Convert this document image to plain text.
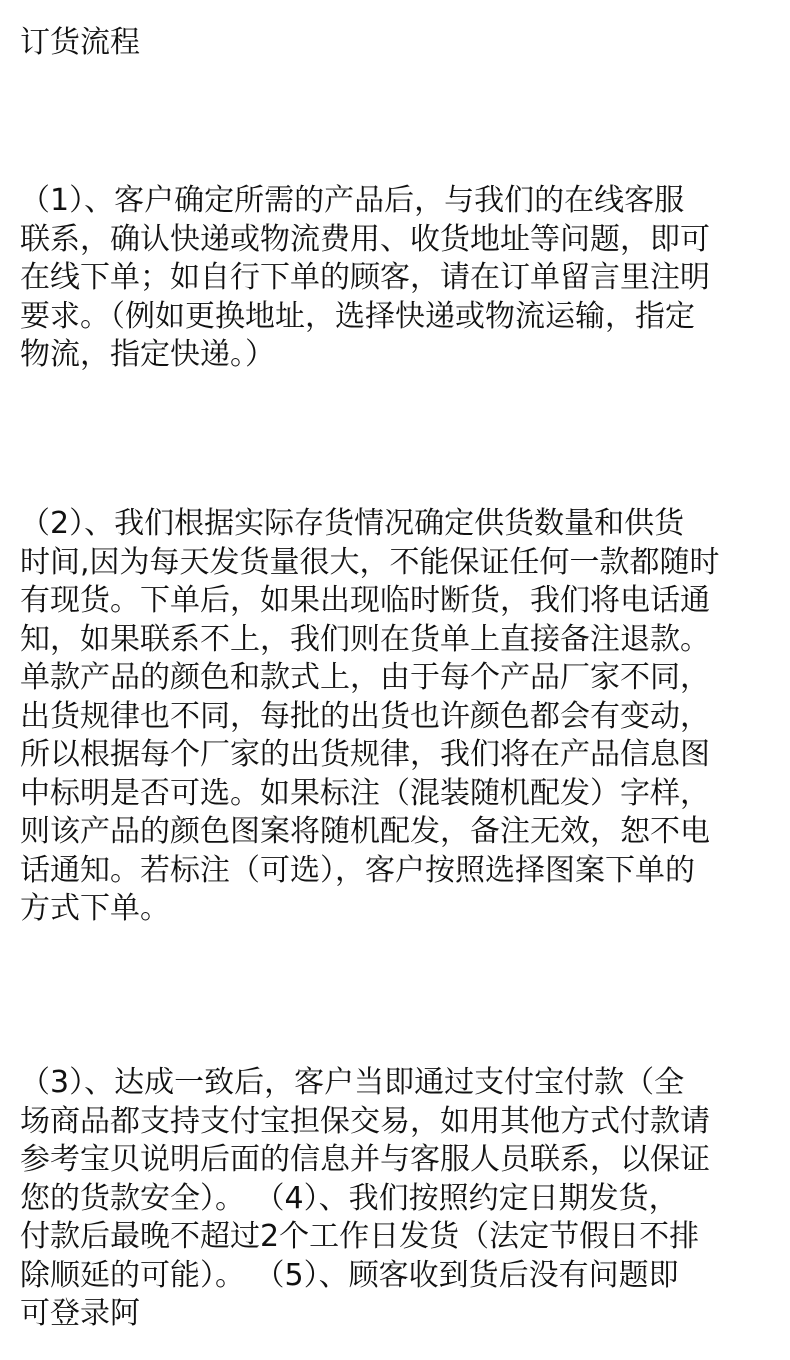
订货流程

（1）、客户确定所需的产品后，与我们的在线客服
联系，确认快递或物流费用、收货地址等问题，即可
在线下单；如自行下单的顾客，请在订单留言里注明
要求。（例如更换地址，选择快递或物流运输，指定
物流，指定快递。）

（2）、我们根据实际存货情况确定供货数量和供货
时间,因为每天发货量很大，不能保证任何一款都随时
有现货。下单后，如果出现临时断货，我们将电话通
知，如果联系不上，我们则在货单上直接备注退款。
单款产品的颜色和款式上，由于每个产品厂家不同，
出货规律也不同，每批的出货也许颜色都会有变动，
所以根据每个厂家的出货规律，我们将在产品信息图
中标明是否可选。如果标注（混装随机配发）字样，
则该产品的颜色图案将随机配发，备注无效，恕不电
话通知。若标注（可选），客户按照选择图案下单的
方式下单。

（3）、达成一致后，客户当即通过支付宝付款（全
场商品都支持支付宝担保交易，如用其他方式付款请
参考宝贝说明后面的信息并与客服人员联系，以保证
您的货款安全）。 （4）、我们按照约定日期发货，
付款后最晚不超过2个工作日发货（法定节假日不排
除顺延的可能）。 （5）、顾客收到货后没有问题即
可登录阿
